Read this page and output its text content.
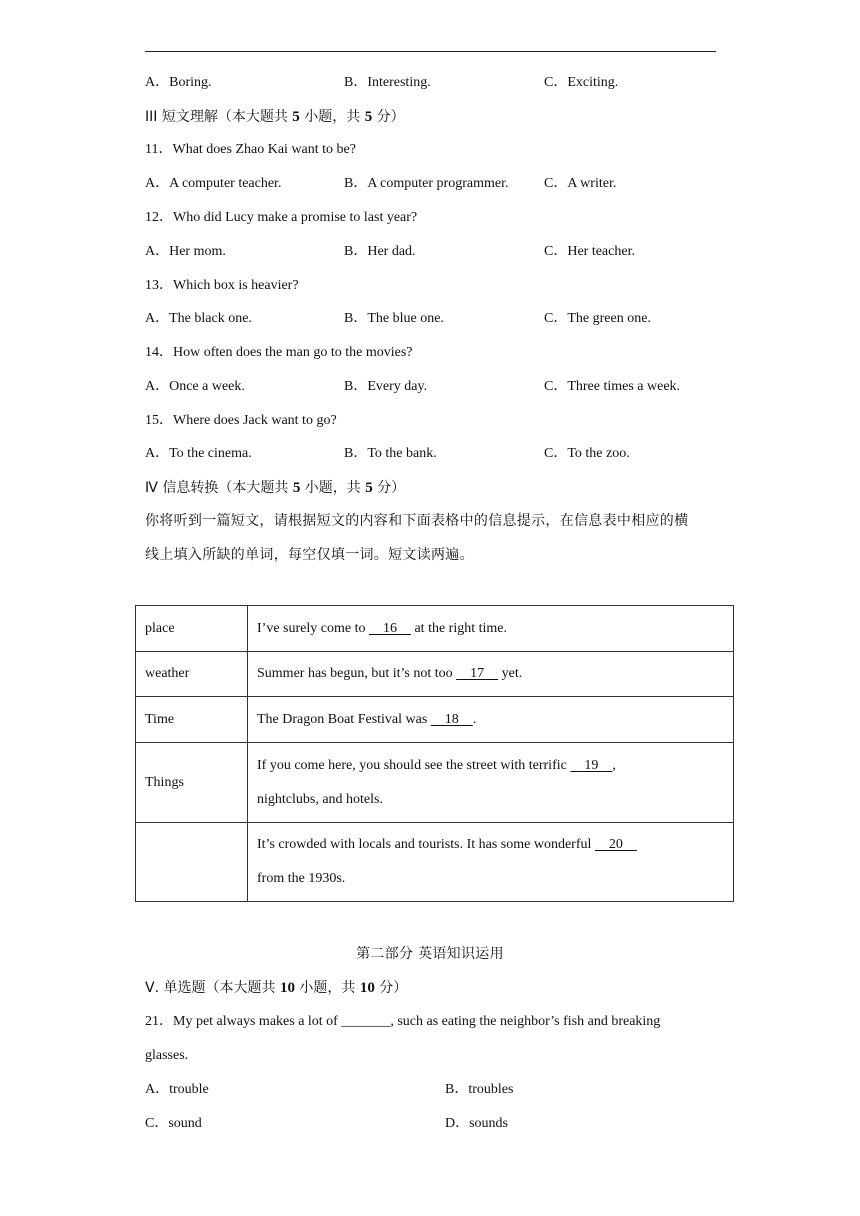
A．Boring.	B．Interesting.	C．Exciting.
ⅠⅠⅠ 短文理解（本大题共 5 小题，共 5 分）
11．What does Zhao Kai want to be?
A．A computer teacher.	B．A computer programmer.	C．A writer.
12．Who did Lucy make a promise to last year?
A．Her mom.	B．Her dad.	C．Her teacher.
13．Which box is heavier?
A．The black one.	B．The blue one.	C．The green one.
14．How often does the man go to the movies?
A．Once a week.	B．Every day.	C．Three times a week.
15．Where does Jack want to go?
A．To the cinema.	B．To the bank.	C．To the zoo.
Ⅳ 信息转换（本大题共 5 小题，共 5 分）
你将听到一篇短文，请根据短文的内容和下面表格中的信息提示，在信息表中相应的横
线上填入所缺的单词，每空仅填一词。短文读两遍。
place	I’ve surely come to     16     at the right time.
weather	Summer has begun, but it’s not too     17     yet.
Time	The Dragon Boat Festival was     18    .
Things	If you come here, you should see the street with terrific     19    ,
nightclubs, and hotels.
	It’s crowded with locals and tourists. It has some wonderful     20
from the 1930s.
第二部分 英语知识运用
Ⅴ. 单选题（本大题共 10 小题，共 10 分）
21．My pet always makes a lot of _______, such as eating the neighbor’s fish and breaking
glasses.
A．trouble	B．troubles
C．sound	D．sounds
